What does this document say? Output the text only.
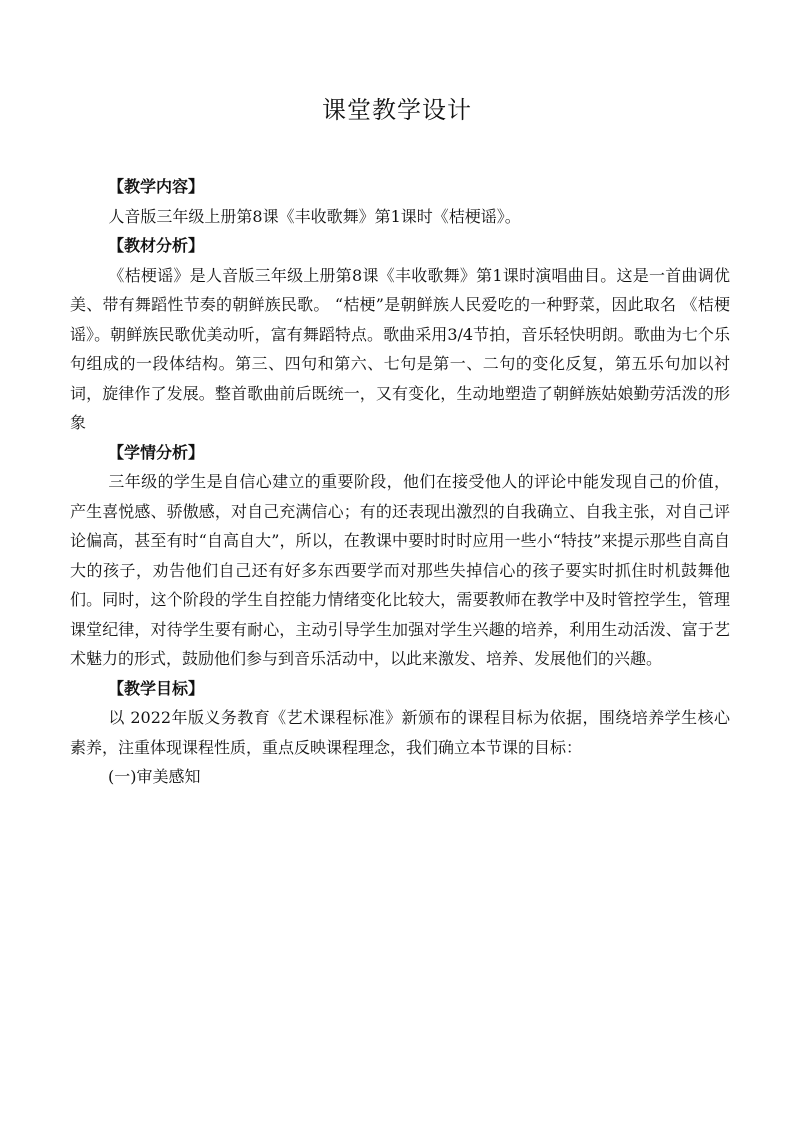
课堂教学设计

【教学内容】

人音版三年级上册第8课《丰收歌舞》第1课时《桔梗谣》。

【教材分析】

《桔梗谣》是人音版三年级上册第8课《丰收歌舞》第1课时演唱曲目。这是一首曲调优美、带有舞蹈性节奏的朝鲜族民歌。 “桔梗”是朝鲜族人民爱吃的一种野菜，因此取名 《桔梗谣》。朝鲜族民歌优美动听，富有舞蹈特点。歌曲采用3/4节拍，音乐轻快明朗。歌曲为七个乐句组成的一段体结构。第三、四句和第六、七句是第一、二句的变化反复，第五乐句加以衬词，旋律作了发展。整首歌曲前后既统一，又有变化，生动地塑造了朝鲜族姑娘勤劳活泼的形象

【学情分析】

三年级的学生是自信心建立的重要阶段，他们在接受他人的评论中能发现自己的价值，产生喜悦感、骄傲感，对自己充满信心；有的还表现出激烈的自我确立、自我主张，对自己评论偏高，甚至有时“自高自大”，所以，在教课中要时时时应用一些小“特技”来提示那些自高自大的孩子，劝告他们自己还有好多东西要学而对那些失掉信心的孩子要实时抓住时机鼓舞他们。同时，这个阶段的学生自控能力情绪变化比较大，需要教师在教学中及时管控学生，管理课堂纪律，对待学生要有耐心，主动引导学生加强对学生兴趣的培养，利用生动活泼、富于艺术魅力的形式，鼓励他们参与到音乐活动中，以此来激发、培养、发展他们的兴趣。

【教学目标】

以 2022年版义务教育《艺术课程标准》新颁布的课程目标为依据，围绕培养学生核心素养，注重体现课程性质，重点反映课程理念，我们确立本节课的目标：

(一)审美感知
